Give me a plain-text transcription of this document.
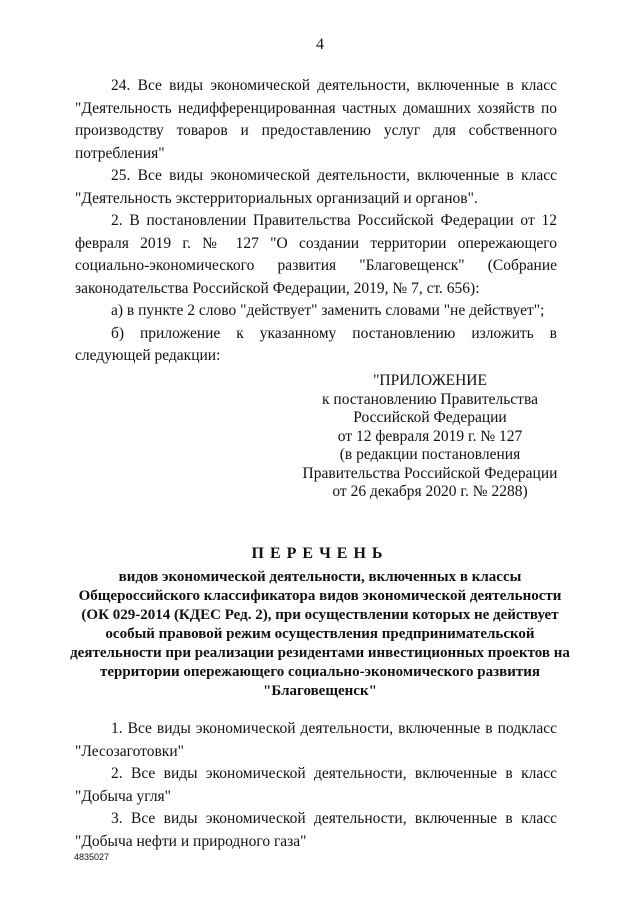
4

24. Все виды экономической деятельности, включенные в класс "Деятельность недифференцированная частных домашних хозяйств по производству товаров и предоставлению услуг для собственного потребления"

25. Все виды экономической деятельности, включенные в класс "Деятельность экстерриториальных организаций и органов".

2. В постановлении Правительства Российской Федерации от 12 февраля 2019 г. № 127 "О создании территории опережающего социально-экономического развития "Благовещенск" (Собрание законодательства Российской Федерации, 2019, № 7, ст. 656):

а) в пункте 2 слово "действует" заменить словами "не действует";

б) приложение к указанному постановлению изложить в следующей редакции:

"ПРИЛОЖЕНИЕ
к постановлению Правительства
Российской Федерации
от 12 февраля 2019 г. № 127
(в редакции постановления
Правительства Российской Федерации
от 26 декабря 2020 г. № 2288)
ПЕРЕЧЕНЬ
видов экономической деятельности, включенных в классы Общероссийского классификатора видов экономической деятельности (ОК 029-2014 (КДЕС Ред. 2), при осуществлении которых не действует особый правовой режим осуществления предпринимательской деятельности при реализации резидентами инвестиционных проектов на территории опережающего социально-экономического развития "Благовещенск"

1. Все виды экономической деятельности, включенные в подкласс "Лесозаготовки"

2. Все виды экономической деятельности, включенные в класс "Добыча угля"

3. Все виды экономической деятельности, включенные в класс "Добыча нефти и природного газа"

4835027
